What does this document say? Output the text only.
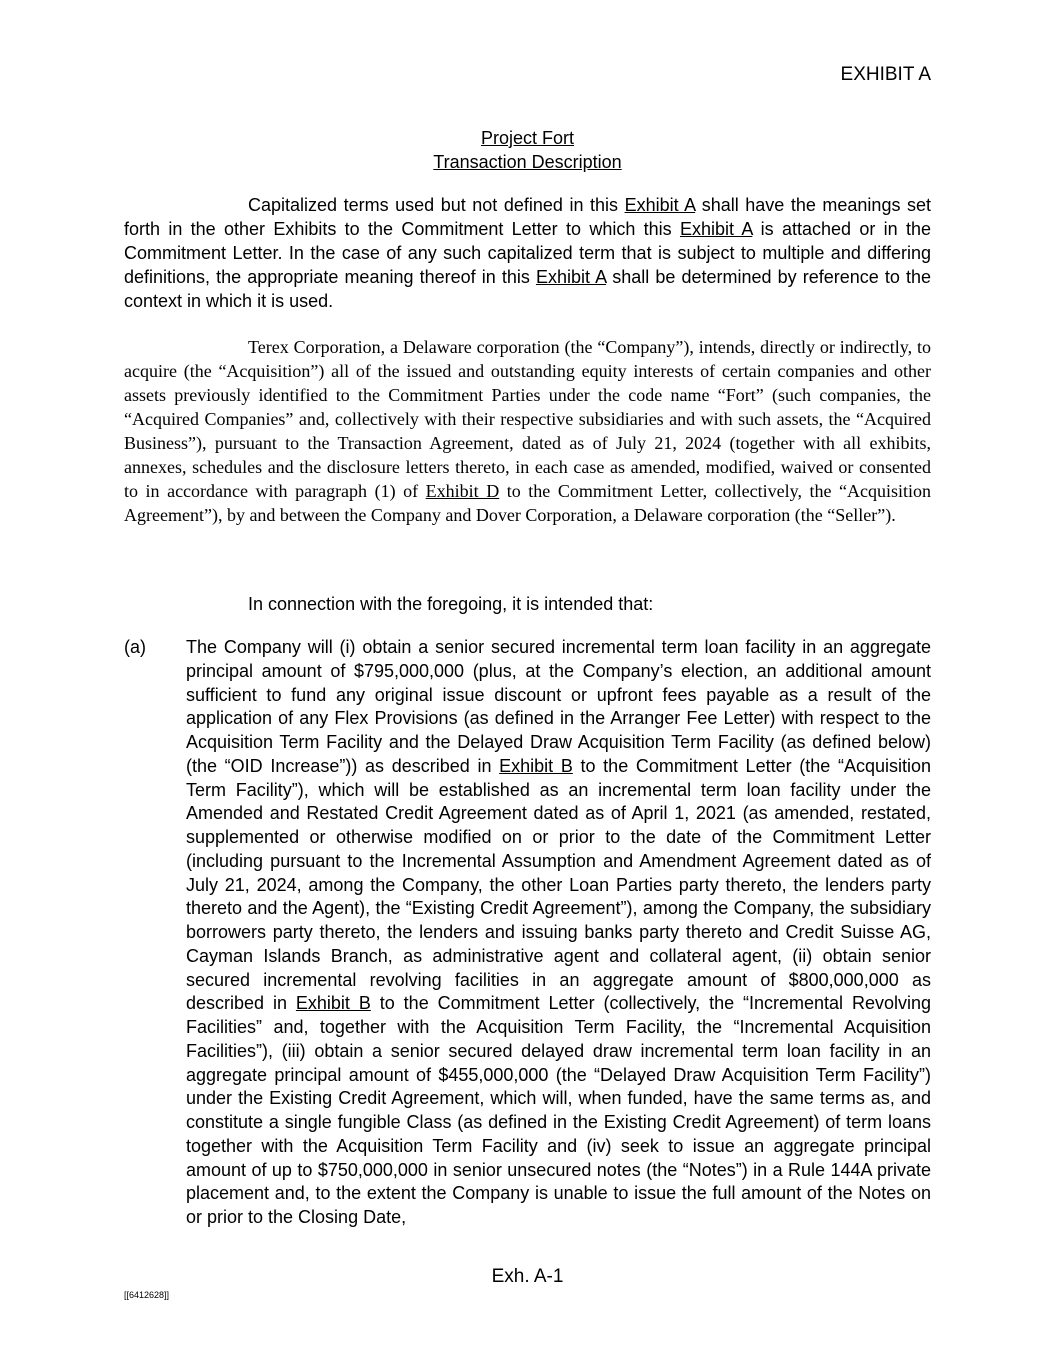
EXHIBIT A
Project Fort
Transaction Description
Capitalized terms used but not defined in this Exhibit A shall have the meanings set forth in the other Exhibits to the Commitment Letter to which this Exhibit A is attached or in the Commitment Letter. In the case of any such capitalized term that is subject to multiple and differing definitions, the appropriate meaning thereof in this Exhibit A shall be determined by reference to the context in which it is used.
Terex Corporation, a Delaware corporation (the “Company”), intends, directly or indirectly, to acquire (the “Acquisition”) all of the issued and outstanding equity interests of certain companies and other assets previously identified to the Commitment Parties under the code name “Fort” (such companies, the “Acquired Companies” and, collectively with their respective subsidiaries and with such assets, the “Acquired Business”), pursuant to the Transaction Agreement, dated as of July 21, 2024 (together with all exhibits, annexes, schedules and the disclosure letters thereto, in each case as amended, modified, waived or consented to in accordance with paragraph (1) of Exhibit D to the Commitment Letter, collectively, the “Acquisition Agreement”), by and between the Company and Dover Corporation, a Delaware corporation (the “Seller”).
In connection with the foregoing, it is intended that:
(a) The Company will (i) obtain a senior secured incremental term loan facility in an aggregate principal amount of $795,000,000 (plus, at the Company’s election, an additional amount sufficient to fund any original issue discount or upfront fees payable as a result of the application of any Flex Provisions (as defined in the Arranger Fee Letter) with respect to the Acquisition Term Facility and the Delayed Draw Acquisition Term Facility (as defined below) (the “OID Increase”)) as described in Exhibit B to the Commitment Letter (the “Acquisition Term Facility”), which will be established as an incremental term loan facility under the Amended and Restated Credit Agreement dated as of April 1, 2021 (as amended, restated, supplemented or otherwise modified on or prior to the date of the Commitment Letter (including pursuant to the Incremental Assumption and Amendment Agreement dated as of July 21, 2024, among the Company, the other Loan Parties party thereto, the lenders party thereto and the Agent), the “Existing Credit Agreement”), among the Company, the subsidiary borrowers party thereto, the lenders and issuing banks party thereto and Credit Suisse AG, Cayman Islands Branch, as administrative agent and collateral agent, (ii) obtain senior secured incremental revolving facilities in an aggregate amount of $800,000,000 as described in Exhibit B to the Commitment Letter (collectively, the “Incremental Revolving Facilities” and, together with the Acquisition Term Facility, the “Incremental Acquisition Facilities”), (iii) obtain a senior secured delayed draw incremental term loan facility in an aggregate principal amount of $455,000,000 (the “Delayed Draw Acquisition Term Facility”) under the Existing Credit Agreement, which will, when funded, have the same terms as, and constitute a single fungible Class (as defined in the Existing Credit Agreement) of term loans together with the Acquisition Term Facility and (iv) seek to issue an aggregate principal amount of up to $750,000,000 in senior unsecured notes (the “Notes”) in a Rule 144A private placement and, to the extent the Company is unable to issue the full amount of the Notes on or prior to the Closing Date,
Exh. A-1
[[6412628]]
